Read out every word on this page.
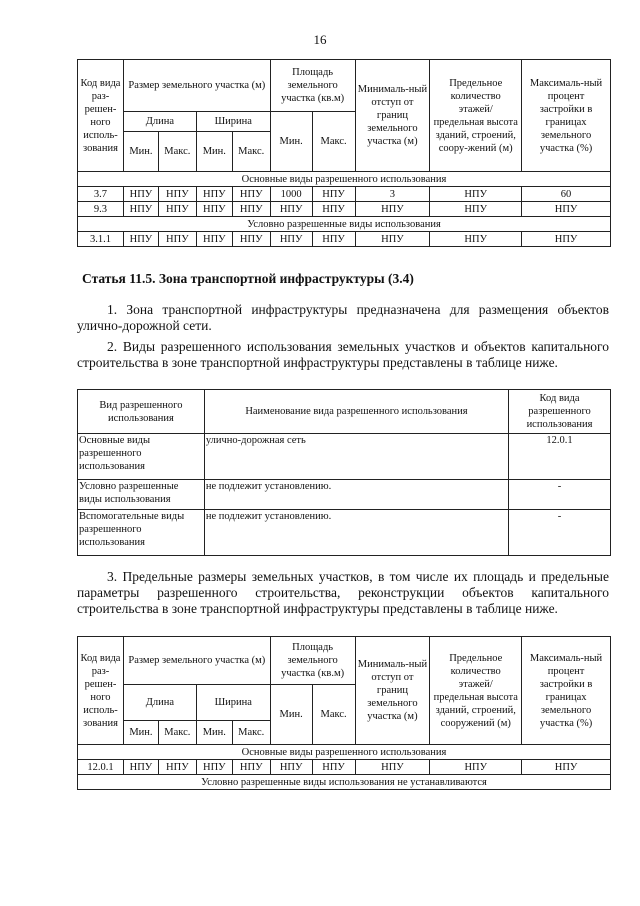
16
Код вида раз-решен-ного исполь-зования	Размер земельного участка (м)				Площадь земельного участка (кв.м)		Минималь-ный отступ от границ земельного участка (м)	Предельное количество этажей/ предельная высота зданий, строений, соору-жений (м)	Максималь-ный процент застройки в границах земельного участка (%)
	Длина		Ширина		Мин.	Макс.			
	Мин.	Макс.	Мин.	Макс.					
Основные виды разрешенного использования									
3.7	НПУ	НПУ	НПУ	НПУ	1000	НПУ	3	НПУ	60
9.3	НПУ	НПУ	НПУ	НПУ	НПУ	НПУ	НПУ	НПУ	НПУ
Условно разрешенные виды использования									
3.1.1	НПУ	НПУ	НПУ	НПУ	НПУ	НПУ	НПУ	НПУ	НПУ
Статья 11.5. Зона транспортной инфраструктуры (3.4)
1. Зона транспортной инфраструктуры предназначена для размещения объектов улично-дорожной сети.
2. Виды разрешенного использования земельных участков и объектов капитального строительства в зоне транспортной инфраструктуры представлены в таблице ниже.
Вид разрешенного использования	Наименование вида разрешенного использования	Код вида разрешенного использования
Основные виды разрешенного использования	улично-дорожная сеть	12.0.1
Условно разрешенные виды использования	не подлежит установлению.	-
Вспомогательные виды разрешенного использования	не подлежит установлению.	-
3. Предельные размеры земельных участков, в том числе их площадь и предельные параметры разрешенного строительства, реконструкции объектов капитального строительства в зоне транспортной инфраструктуры представлены в таблице ниже.
Код вида раз-решен-ного исполь-зования	Размер земельного участка (м)				Площадь земельного участка (кв.м)		Минималь-ный отступ от границ земельного участка (м)	Предельное количество этажей/ предельная высота зданий, строений, сооружений (м)	Максималь-ный процент застройки в границах земельного участка (%)
	Длина		Ширина		Мин.	Макс.			
	Мин.	Макс.	Мин.	Макс.					
Основные виды разрешенного использования									
12.0.1	НПУ	НПУ	НПУ	НПУ	НПУ	НПУ	НПУ	НПУ	НПУ
Условно разрешенные виды использования не устанавливаются									
